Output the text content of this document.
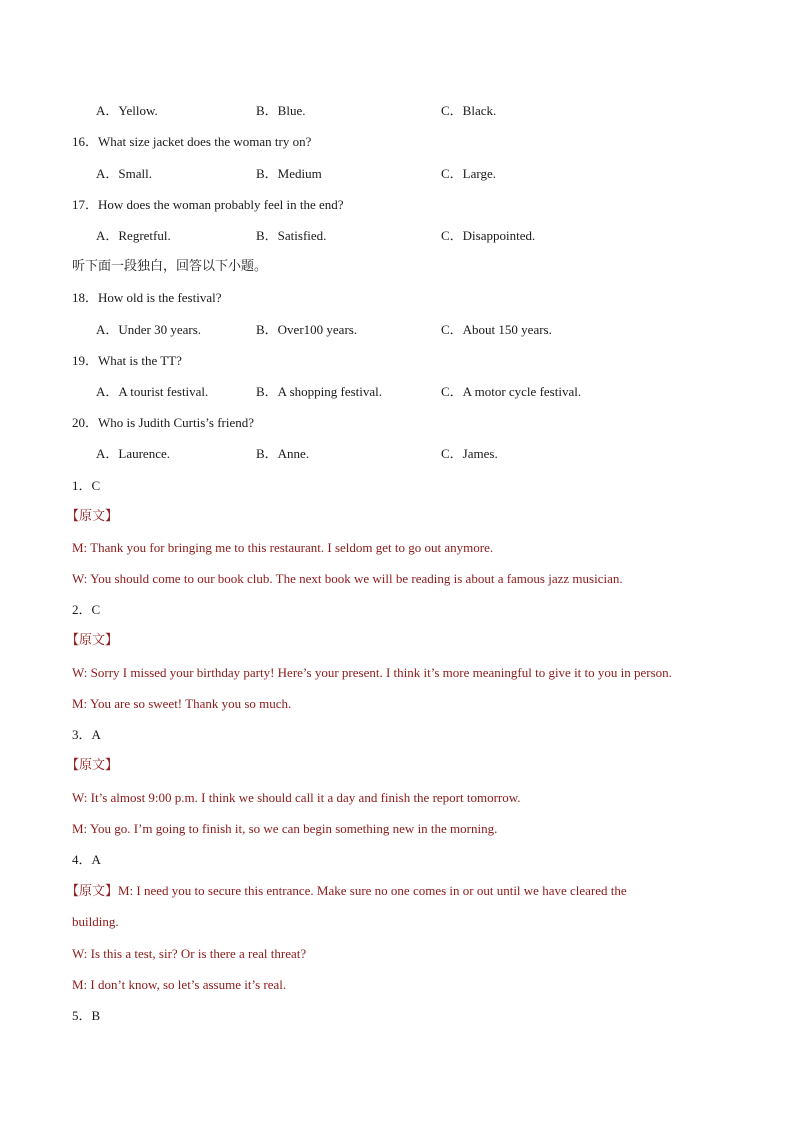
A．Yellow.	B．Blue.	C．Black.
16．What size jacket does the woman try on?
A．Small.	B．Medium	C．Large.
17．How does the woman probably feel in the end?
A．Regretful.	B．Satisfied.	C．Disappointed.
听下面一段独白，回答以下小题。
18．How old is the festival?
A．Under 30 years.	B．Over100 years.	C．About 150 years.
19．What is the TT?
A．A tourist festival.	B．A shopping festival.	C．A motor cycle festival.
20．Who is Judith Curtis’s friend?
A．Laurence.	B．Anne.	C．James.
1．C
【原文】
M: Thank you for bringing me to this restaurant. I seldom get to go out anymore.
W: You should come to our book club. The next book we will be reading is about a famous jazz musician.
2．C
【原文】
W: Sorry I missed your birthday party! Here’s your present. I think it’s more meaningful to give it to you in person.
M: You are so sweet! Thank you so much.
3．A
【原文】
W: It’s almost 9:00 p.m. I think we should call it a day and finish the report tomorrow.
M: You go. I’m going to finish it, so we can begin something new in the morning.
4．A
【原文】M: I need you to secure this entrance. Make sure no one comes in or out until we have cleared the
building.
W: Is this a test, sir? Or is there a real threat?
M: I don’t know, so let’s assume it’s real.
5．B
